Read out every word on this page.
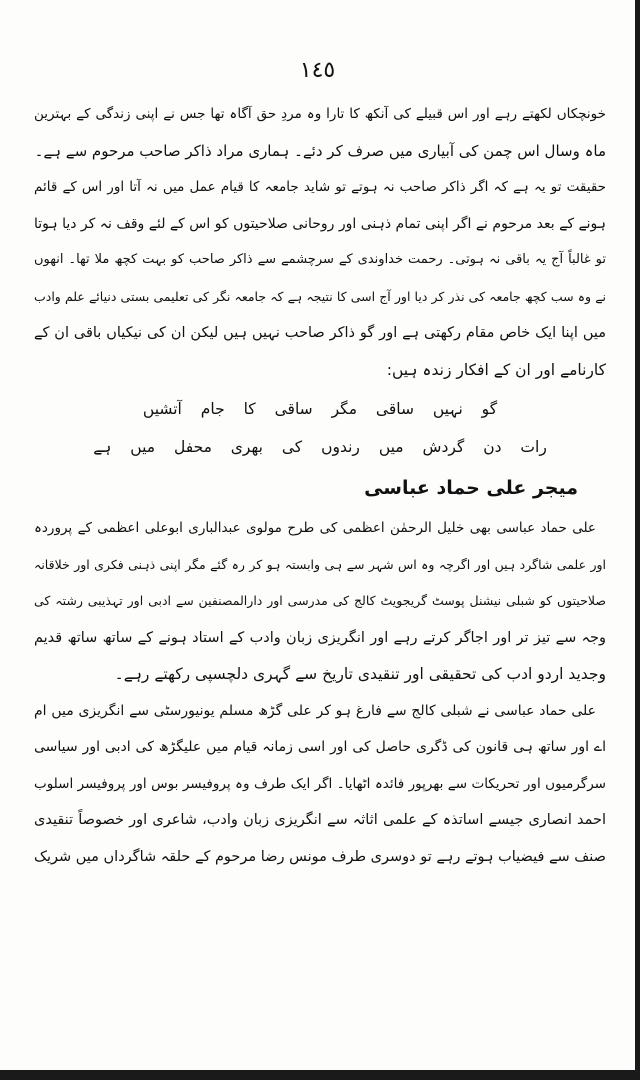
١٤٥
خونچکاں لکھتے رہے اور اس قبیلے کی آنکھ کا تارا وہ مردِ حق آگاہ تھا جس نے اپنی زندگی کے بہترین
ماہ وسال اس چمن کی آبیاری میں صرف کر دئے۔ ہماری مراد ذاکر صاحب مرحوم سے ہے۔
حقیقت تو یہ ہے کہ اگر ذاکر صاحب نہ ہوتے تو شاید جامعہ کا قیام عمل میں نہ آتا اور اس کے قائم
ہونے کے بعد مرحوم نے اگر اپنی تمام ذہنی اور روحانی صلاحیتوں کو اس کے لئے وقف نہ کر دیا ہوتا
تو غالباً آج یہ باقی نہ ہوتی۔ رحمت خداوندی کے سرچشمے سے ذاکر صاحب کو بہت کچھ ملا تھا۔ انھوں
نے وہ سب کچھ جامعہ کی نذر کر دیا اور آج اسی کا نتیجہ ہے کہ جامعہ نگر کی تعلیمی بستی دنیائے علم وادب
میں اپنا ایک خاص مقام رکھتی ہے اور گو ذاکر صاحب نہیں ہیں لیکن ان کی نیکیاں باقی ان کے
کارنامے اور ان کے افکار زندہ ہیں:
گو نہیں ساقی مگر ساقی کا جام آتشیں
رات دن گردش میں رندوں کی بھری محفل میں ہے
میجر علی حماد عباسی
علی حماد عباسی بھی خلیل الرحمٰن اعظمی کی طرح مولوی عبدالباری ابوعلی اعظمی کے پروردہ
اور علمی شاگرد ہیں اور اگرچہ وہ اس شہر سے ہی وابستہ ہو کر رہ گئے مگر اپنی ذہنی فکری اور خلاقانہ
صلاحیتوں کو شبلی نیشنل پوسٹ گریجویٹ کالج کی مدرسی اور دارالمصنفین سے ادبی اور تہذیبی رشتہ کی
وجہ سے تیز تر اور اجاگر کرتے رہے اور انگریزی زبان وادب کے استاد ہونے کے ساتھ ساتھ قدیم
وجدید اردو ادب کی تحقیقی اور تنقیدی تاریخ سے گہری دلچسپی رکھتے رہے۔
علی حماد عباسی نے شبلی کالج سے فارغ ہو کر علی گڑھ مسلم یونیورسٹی سے انگریزی میں ام
اے اور ساتھ ہی قانون کی ڈگری حاصل کی اور اسی زمانہ قیام میں علیگڑھ کی ادبی اور سیاسی
سرگرمیوں اور تحریکات سے بھرپور فائدہ اٹھایا۔ اگر ایک طرف وہ پروفیسر بوس اور پروفیسر اسلوب
احمد انصاری جیسے اساتذہ کے علمی اثاثہ سے انگریزی زبان وادب، شاعری اور خصوصاً تنقیدی
صنف سے فیضیاب ہوتے رہے تو دوسری طرف مونس رضا مرحوم کے حلقہ شاگرداں میں شریک
